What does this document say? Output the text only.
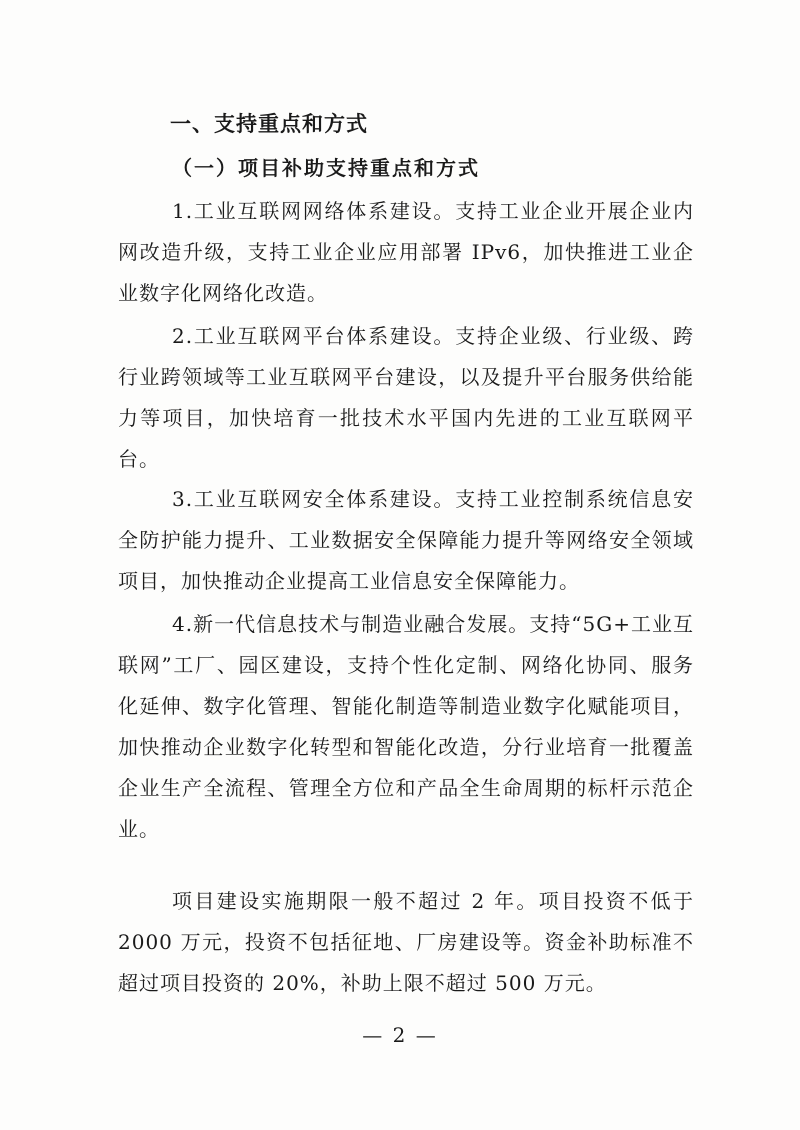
一、支持重点和方式
（一）项目补助支持重点和方式

1.工业互联网网络体系建设。支持工业企业开展企业内网改造升级，支持工业企业应用部署 IPv6，加快推进工业企业数字化网络化改造。

2.工业互联网平台体系建设。支持企业级、行业级、跨行业跨领域等工业互联网平台建设，以及提升平台服务供给能力等项目，加快培育一批技术水平国内先进的工业互联网平台。

3.工业互联网安全体系建设。支持工业控制系统信息安全防护能力提升、工业数据安全保障能力提升等网络安全领域项目，加快推动企业提高工业信息安全保障能力。

4.新一代信息技术与制造业融合发展。支持“5G+工业互联网”工厂、园区建设，支持个性化定制、网络化协同、服务化延伸、数字化管理、智能化制造等制造业数字化赋能项目，加快推动企业数字化转型和智能化改造，分行业培育一批覆盖企业生产全流程、管理全方位和产品全生命周期的标杆示范企业。

项目建设实施期限一般不超过 2 年。项目投资不低于 2000 万元，投资不包括征地、厂房建设等。资金补助标准不超过项目投资的 20%，补助上限不超过 500 万元。

— 2 —
